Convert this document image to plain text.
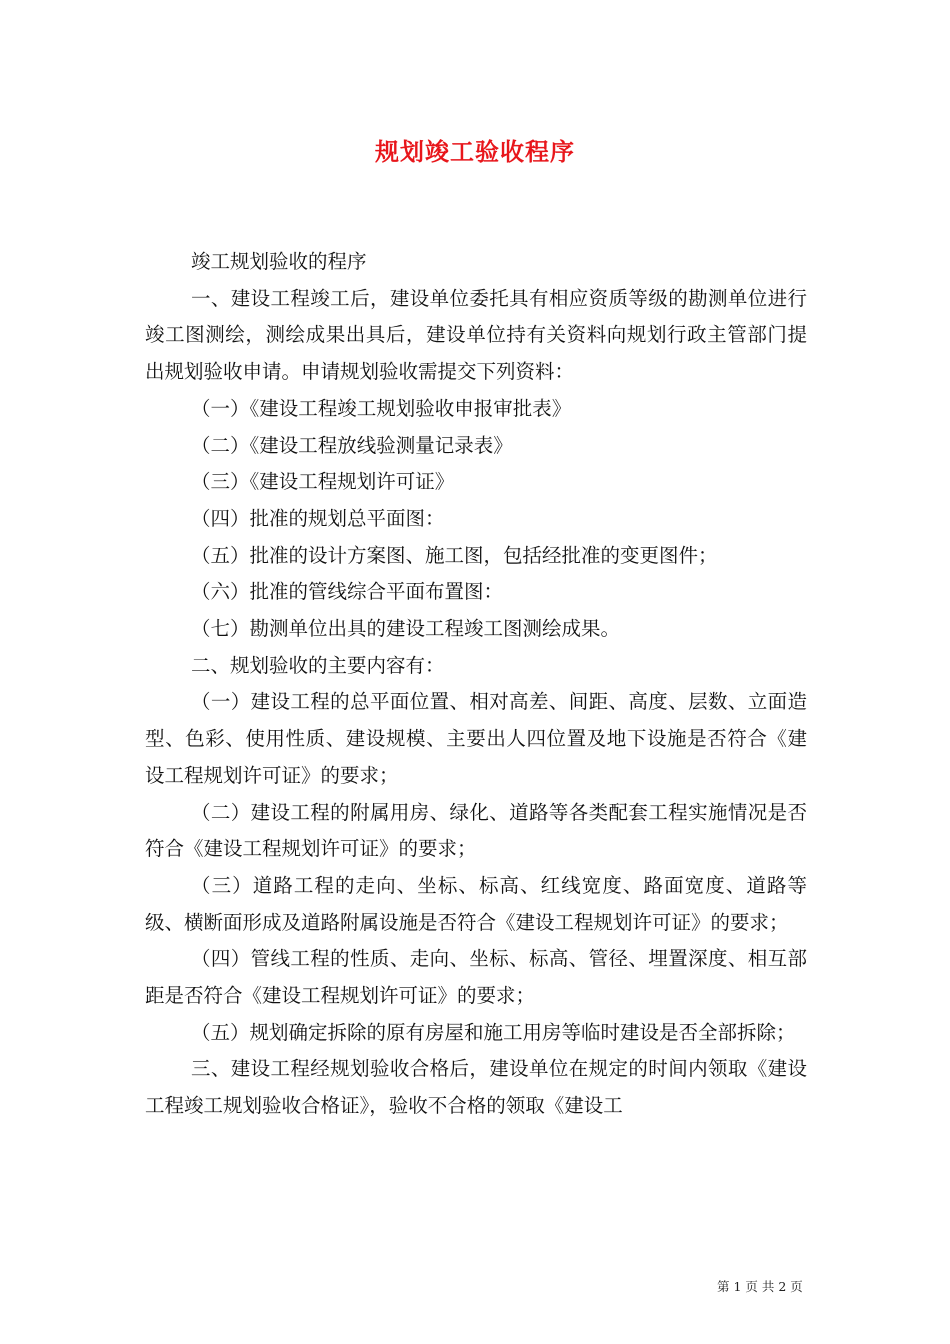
规划竣工验收程序

竣工规划验收的程序

一、建设工程竣工后，建设单位委托具有相应资质等级的勘测单位进行竣工图测绘，测绘成果出具后，建设单位持有关资料向规划行政主管部门提出规划验收申请。申请规划验收需提交下列资料：

（一）《建设工程竣工规划验收申报审批表》

（二）《建设工程放线验测量记录表》

（三）《建设工程规划许可证》

（四）批准的规划总平面图：

（五）批准的设计方案图、施工图，包括经批准的变更图件；

（六）批准的管线综合平面布置图：

（七）勘测单位出具的建设工程竣工图测绘成果。

二、规划验收的主要内容有：

（一）建设工程的总平面位置、相对高差、间距、高度、层数、立面造型、色彩、使用性质、建设规模、主要出人四位置及地下设施是否符合《建设工程规划许可证》的要求；

（二）建设工程的附属用房、绿化、道路等各类配套工程实施情况是否符合《建设工程规划许可证》的要求；

（三）道路工程的走向、坐标、标高、红线宽度、路面宽度、道路等级、横断面形成及道路附属设施是否符合《建设工程规划许可证》的要求；

（四）管线工程的性质、走向、坐标、标高、管径、埋置深度、相互部距是否符合《建设工程规划许可证》的要求；

（五）规划确定拆除的原有房屋和施工用房等临时建设是否全部拆除；

三、建设工程经规划验收合格后，建设单位在规定的时间内领取《建设工程竣工规划验收合格证》，验收不合格的领取《建设工

第 1 页 共 2 页
